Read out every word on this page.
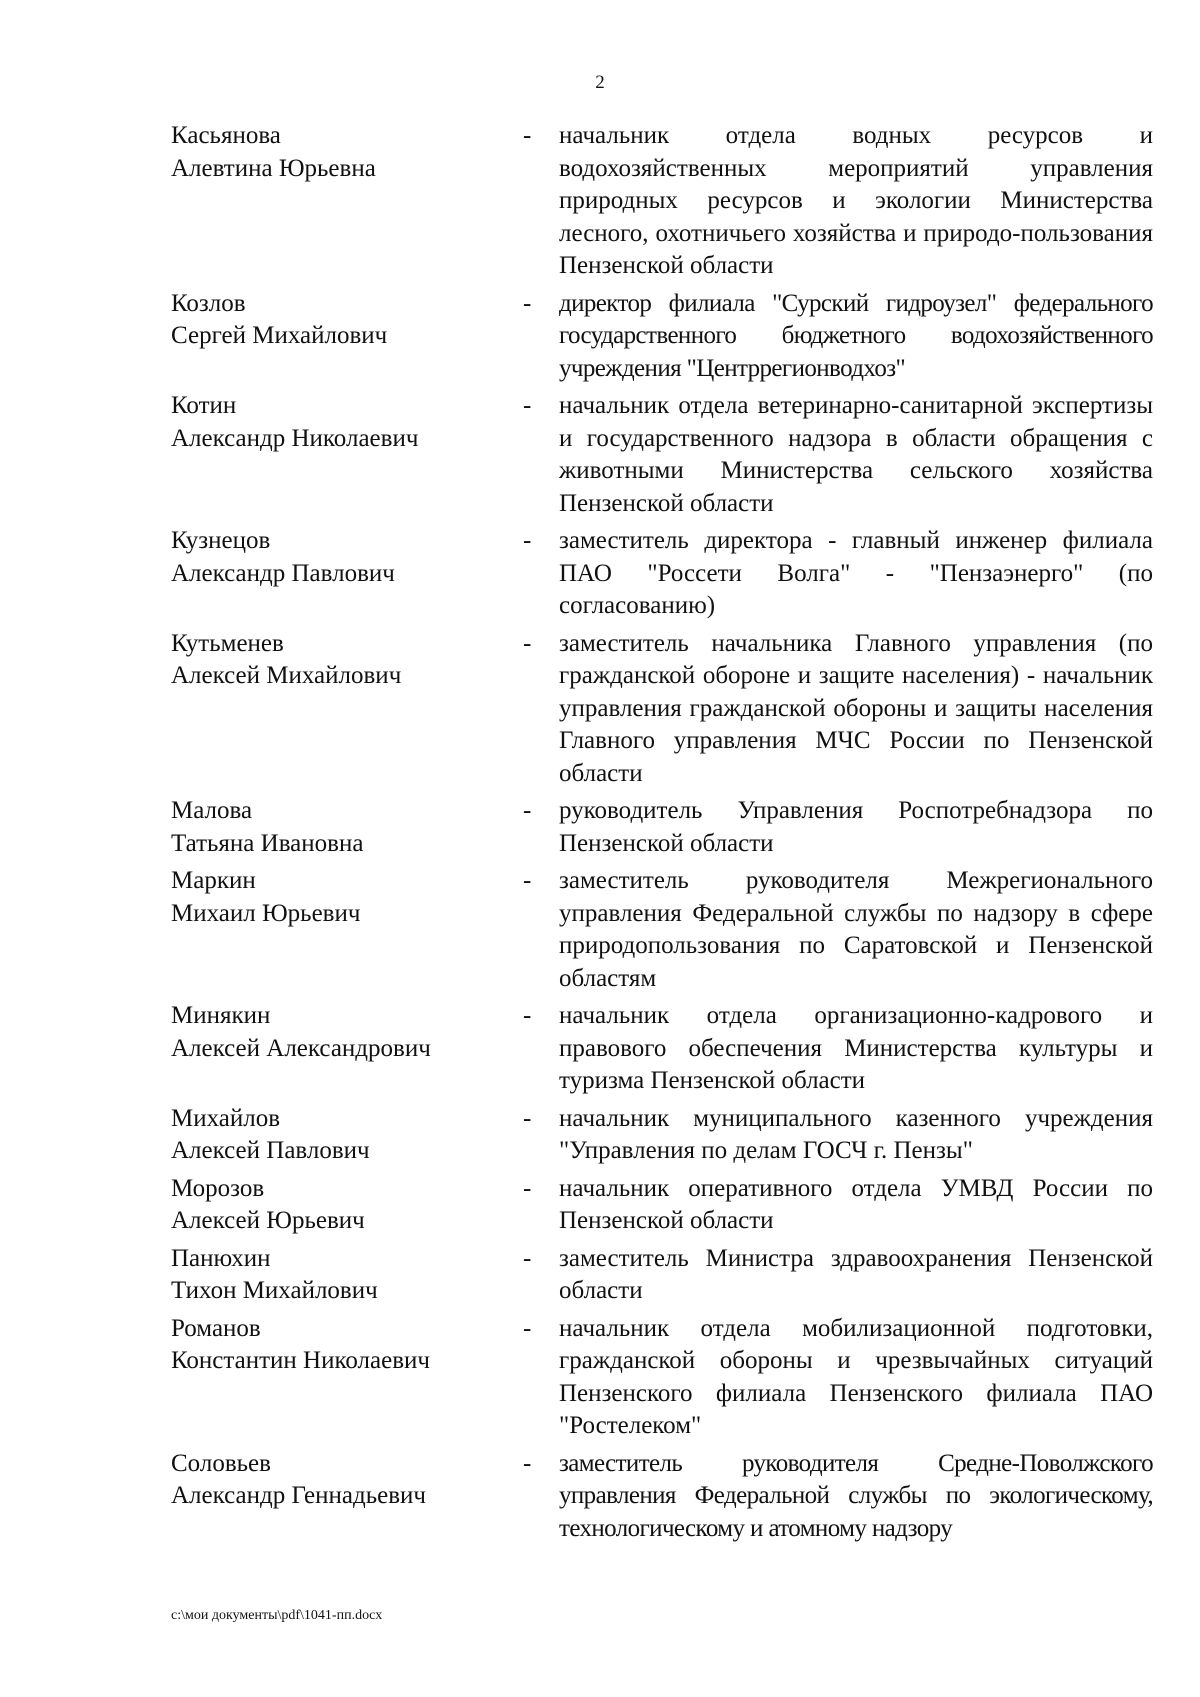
2
Касьянова
Алевтина Юрьевна
-	начальник отдела водных ресурсов и водохозяйственных мероприятий управления природных ресурсов и экологии Министерства лесного, охотничьего хозяйства и природо-пользования Пензенской области
Козлов
Сергей Михайлович
-	директор филиала "Сурский гидроузел" федерального государственного бюджетного водохозяйственного учреждения "Центррегионводхоз"
Котин
Александр Николаевич
-	начальник отдела ветеринарно-санитарной экспертизы и государственного надзора в области обращения с животными Министерства сельского хозяйства Пензенской области
Кузнецов
Александр Павлович
-	заместитель директора - главный инженер филиала ПАО "Россети Волга" - "Пензаэнерго" (по согласованию)
Кутьменев
Алексей Михайлович
-	заместитель начальника Главного управления (по гражданской обороне и защите населения) - начальник управления гражданской обороны и защиты населения Главного управления МЧС России по Пензенской области
Малова
Татьяна Ивановна
-	руководитель Управления Роспотребнадзора по Пензенской области
Маркин
Михаил Юрьевич
-	заместитель руководителя Межрегионального управления Федеральной службы по надзору в сфере природопользования по Саратовской и Пензенской областям
Минякин
Алексей Александрович
-	начальник отдела организационно-кадрового и правового обеспечения Министерства культуры и туризма Пензенской области
Михайлов
Алексей Павлович
-	начальник муниципального казенного учреждения "Управления по делам ГОСЧ г. Пензы"
Морозов
Алексей Юрьевич
-	начальник оперативного отдела УМВД России по Пензенской области
Панюхин
Тихон Михайлович
-	заместитель Министра здравоохранения Пензенской области
Романов
Константин Николаевич
-	начальник отдела мобилизационной подготовки, гражданской обороны и чрезвычайных ситуаций Пензенского филиала Пензенского филиала ПАО "Ростелеком"
Соловьев
Александр Геннадьевич
-	заместитель руководителя Средне-Поволжского управления Федеральной службы по экологическому, технологическому и атомному надзору
c:\мои документы\pdf\1041-пп.docx
